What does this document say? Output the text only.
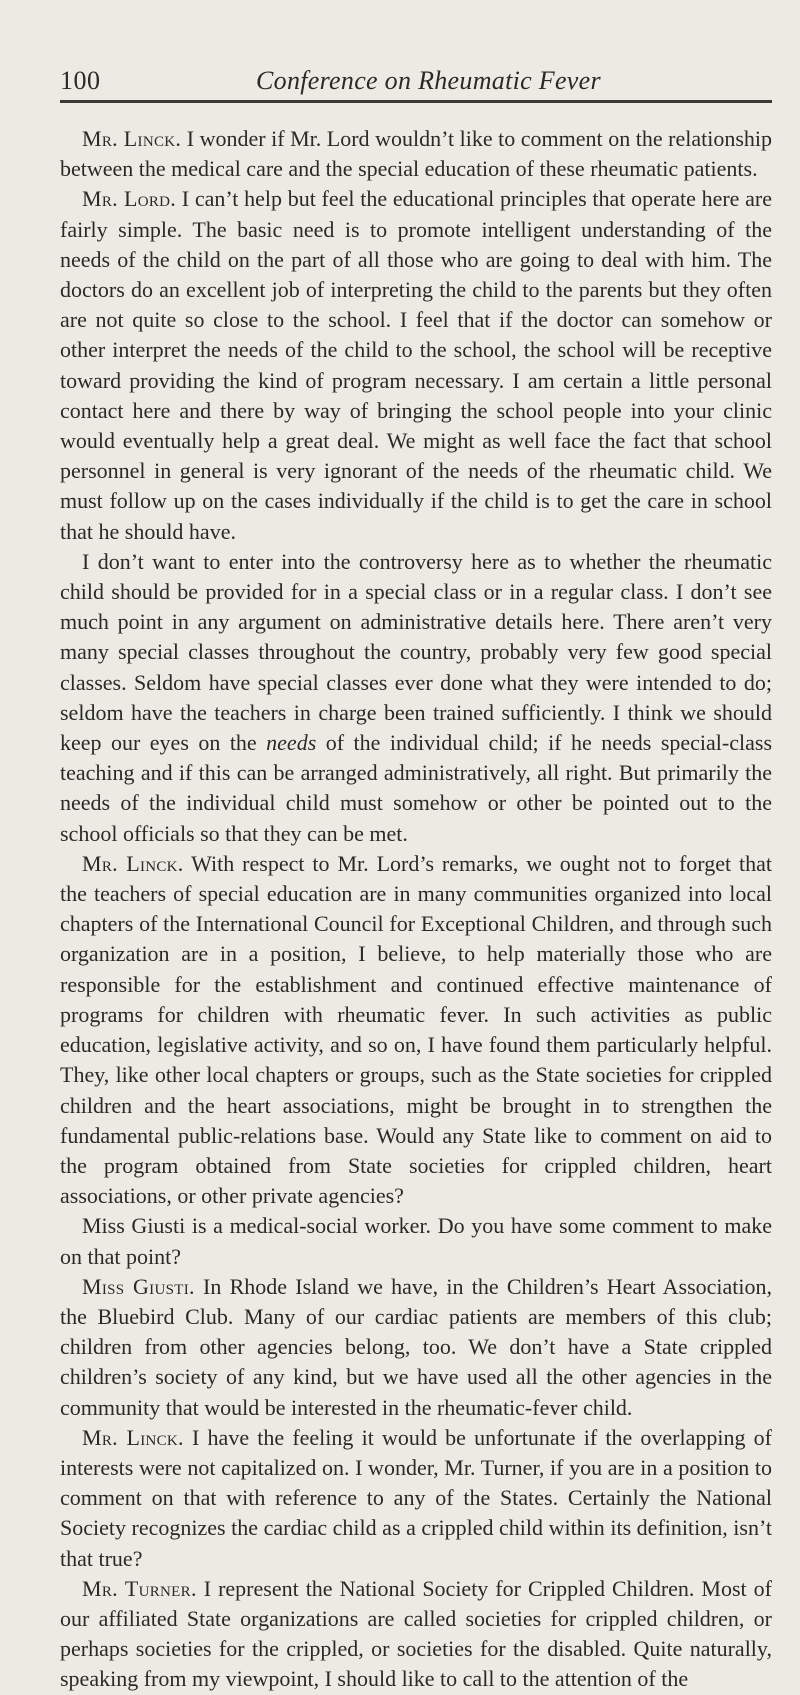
100	Conference on Rheumatic Fever

Mr. Linck. I wonder if Mr. Lord wouldn’t like to comment on the relationship between the medical care and the special education of these rheumatic patients.

Mr. Lord. I can’t help but feel the educational principles that operate here are fairly simple. The basic need is to promote intelligent understanding of the needs of the child on the part of all those who are going to deal with him. The doctors do an excellent job of interpreting the child to the parents but they often are not quite so close to the school. I feel that if the doctor can somehow or other interpret the needs of the child to the school, the school will be receptive toward providing the kind of program necessary. I am certain a little personal contact here and there by way of bringing the school people into your clinic would eventually help a great deal. We might as well face the fact that school personnel in general is very ignorant of the needs of the rheumatic child. We must follow up on the cases individually if the child is to get the care in school that he should have.

I don’t want to enter into the controversy here as to whether the rheumatic child should be provided for in a special class or in a regular class. I don’t see much point in any argument on administrative details here. There aren’t very many special classes throughout the country, probably very few good special classes. Seldom have special classes ever done what they were intended to do; seldom have the teachers in charge been trained sufficiently. I think we should keep our eyes on the needs of the individual child; if he needs special-class teaching and if this can be arranged administratively, all right. But primarily the needs of the individual child must somehow or other be pointed out to the school officials so that they can be met.

Mr. Linck. With respect to Mr. Lord’s remarks, we ought not to forget that the teachers of special education are in many communities organized into local chapters of the International Council for Exceptional Children, and through such organization are in a position, I believe, to help materially those who are responsible for the establishment and continued effective maintenance of programs for children with rheumatic fever. In such activities as public education, legislative activity, and so on, I have found them particularly helpful. They, like other local chapters or groups, such as the State societies for crippled children and the heart associations, might be brought in to strengthen the fundamental public-relations base. Would any State like to comment on aid to the program obtained from State societies for crippled children, heart associations, or other private agencies?

Miss Giusti is a medical-social worker. Do you have some comment to make on that point?

Miss Giusti. In Rhode Island we have, in the Children’s Heart Association, the Bluebird Club. Many of our cardiac patients are members of this club; children from other agencies belong, too. We don’t have a State crippled children’s society of any kind, but we have used all the other agencies in the community that would be interested in the rheumatic-fever child.

Mr. Linck. I have the feeling it would be unfortunate if the overlapping of interests were not capitalized on. I wonder, Mr. Turner, if you are in a position to comment on that with reference to any of the States. Certainly the National Society recognizes the cardiac child as a crippled child within its definition, isn’t that true?

Mr. Turner. I represent the National Society for Crippled Children. Most of our affiliated State organizations are called societies for crippled children, or perhaps societies for the crippled, or societies for the disabled. Quite naturally, speaking from my viewpoint, I should like to call to the attention of the
